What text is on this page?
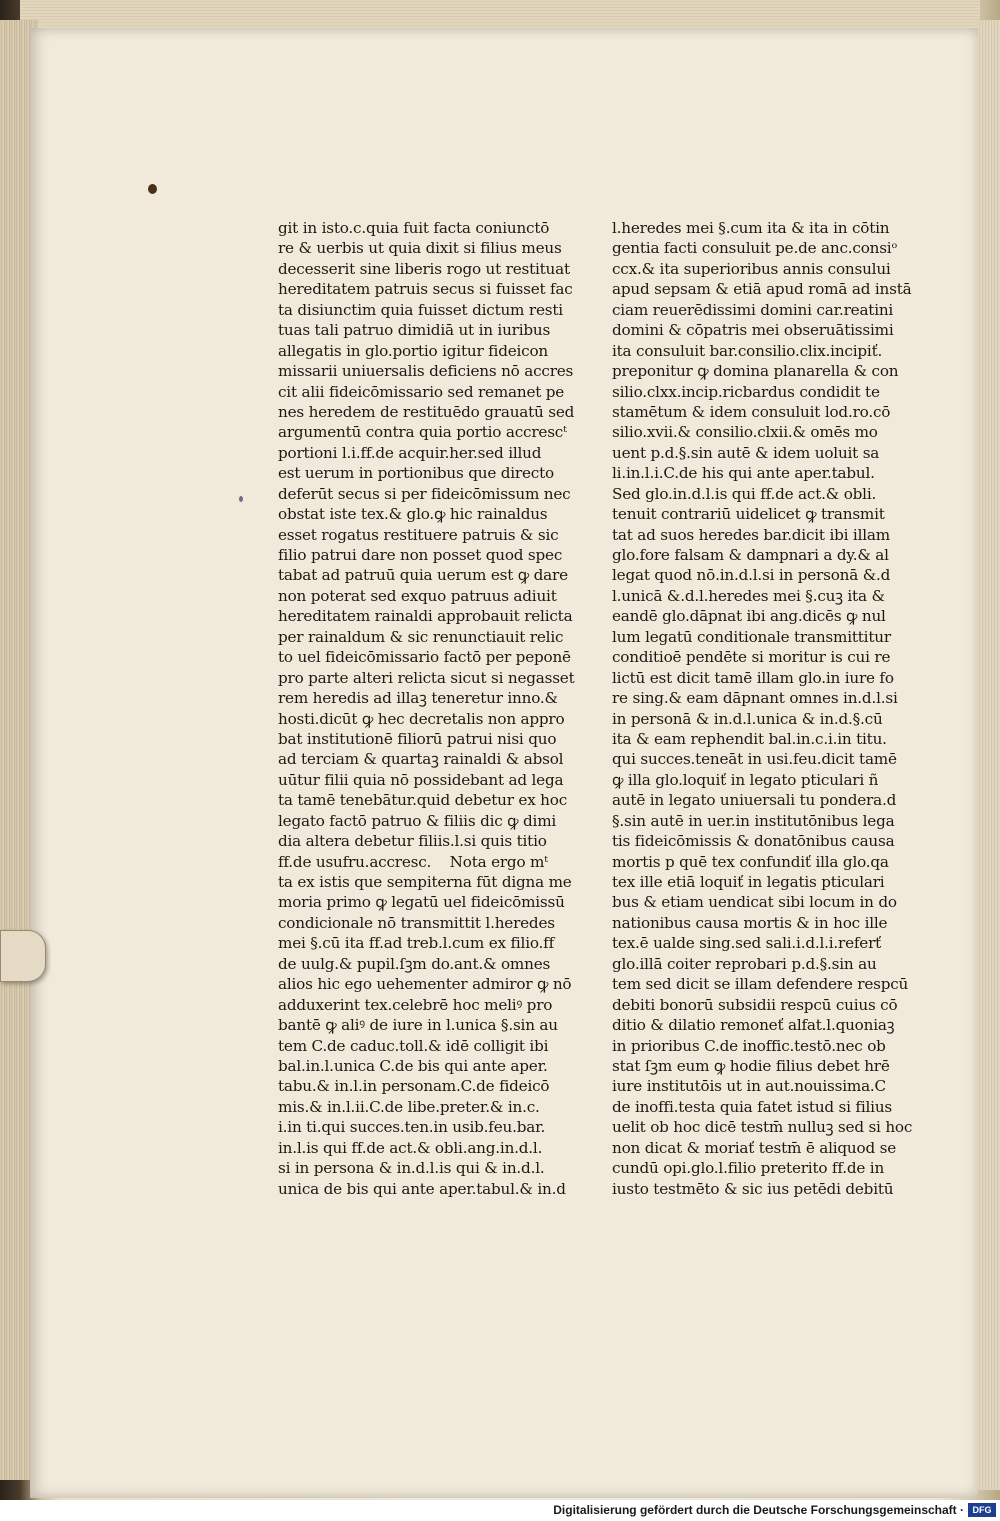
git in isto.c.quia fuit facta coniunctō
re & uerbis ut quia dixit si filius meus
decesserit sine liberis rogo ut restituat
hereditatem patruis secus si fuisset fac
ta disiunctim quia fuisset dictum resti
tuas tali patruo dimidiā ut in iuribus
allegatis in glo.portio igitur fideicon
missarii uniuersalis deficiens nō accres
cit alii fideicōmissario sed remanet pe
nes heredem de restituēdo grauatū sed
argumentū contra quia portio accrescᵗ
portioni l.i.ff.de acquir.her.sed illud
est uerum in portionibus que directo
deferūt secus si per fideicōmissum nec
obstat iste tex.& glo.ꝙ hic rainaldus
esset rogatus restituere patruis & sic
filio patrui dare non posset quod spec
tabat ad patruū quia uerum est ꝙ dare
non poterat sed exquo patruus adiuit
hereditatem rainaldi approbauit relicta
per rainaldum & sic renunctiauit relic
to uel fideicōmissario factō per peponē
pro parte alteri relicta sicut si negasset
rem heredis ad illaꝫ teneretur inno.&
hosti.dicūt ꝙ hec decretalis non appro
bat institutionē filiorū patrui nisi quo
ad terciam & quartaꝫ rainaldi & absol
uūtur filii quia nō possidebant ad lega
ta tamē tenebātur.quid debetur ex hoc
legato factō patruo & filiis dic ꝙ dimi
dia altera debetur filiis.l.si quis titio
ff.de usufru.accresc.    Nota ergo mᵗ
ta ex istis que sempiterna fūt digna me
moria primo ꝙ legatū uel fideicōmissū
condicionale nō transmittit l.heredes
mei §.cū ita ff.ad treb.l.cum ex filio.ff
de uulg.& pupil.ſꝫm do.ant.& omnes
alios hic ego uehementer admiror ꝙ nō
adduxerint tex.celebrē hoc meliꝰ pro
bantē ꝙ aliꝰ de iure in l.unica §.sin au
tem C.de caduc.toll.& idē colligit ibi
bal.in.l.unica C.de bis qui ante aper.
tabu.& in.l.in personam.C.de fideicō
mis.& in.l.ii.C.de libe.preter.& in.c.
i.in ti.qui succes.ten.in usib.feu.bar.
in.l.is qui ff.de act.& obli.ang.in.d.l.
si in persona & in.d.l.is qui & in.d.l.
unica de bis qui ante aper.tabul.& in.d
l.heredes mei §.cum ita & ita in cōtin
gentia facti consuluit pe.de anc.consiᵒ
ccx.& ita superioribus annis consului
apud sepsam & etiā apud romā ad instā
ciam reuerēdissimi domini car.reatini
domini & cōpatris mei obseruātissimi
ita consuluit bar.consilio.clix.incipiť.
preponitur ꝙ domina planarella & con
silio.clxx.incip.ricbardus condidit te
stamētum & idem consuluit lod.ro.cō
silio.xvii.& consilio.clxii.& omēs mo
uent p.d.§.sin autē & idem uoluit sa
li.in.l.i.C.de his qui ante aper.tabul.
Sed glo.in.d.l.is qui ff.de act.& obli.
tenuit contrariū uidelicet ꝙ transmit
tat ad suos heredes bar.dicit ibi illam
glo.fore falsam & dampnari a dy.& al
legat quod nō.in.d.l.si in personā &.d
l.unicā &.d.l.heredes mei §.cuꝫ ita &
eandē glo.dāpnat ibi ang.dicēs ꝙ nul
lum legatū conditionale transmittitur
conditioē pendēte si moritur is cui re
lictū est dicit tamē illam glo.in iure fo
re sing.& eam dāpnant omnes in.d.l.si
in personā & in.d.l.unica & in.d.§.cū
ita & eam rephendit bal.in.c.i.in titu.
qui succes.teneāt in usi.feu.dicit tamē
ꝙ illa glo.loquiť in legato pticulari ñ
autē in legato uniuersali tu pondera.d
§.sin autē in uer.in institutōnibus lega
tis fideicōmissis & donatōnibus causa
mortis p quē tex confundiť illa glo.qa
tex ille etiā loquiť in legatis pticulari
bus & etiam uendicat sibi locum in do
nationibus causa mortis & in hoc ille
tex.ē ualde sing.sed sali.i.d.l.i.referť
glo.illā coiter reprobari p.d.§.sin au
tem sed dicit se illam defendere respcū
debiti bonorū subsidii respcū cuius cō
ditio & dilatio remoneť alfat.l.quoniaꝫ
in prioribus C.de inoffic.testō.nec ob
stat ſꝫm eum ꝙ hodie filius debet hrē
iure institutōis ut in aut.nouissima.C
de inoffi.testa quia fatet istud si filius
uelit ob hoc dicē testm̄ nulluꝫ sed si hoc
non dicat & moriať testm̄ ē aliquod se
cundū opi.glo.l.filio preterito ff.de in
iusto testmēto & sic ius petēdi debitū
Digitalisierung gefördert durch die Deutsche Forschungsgemeinschaft · DFG
